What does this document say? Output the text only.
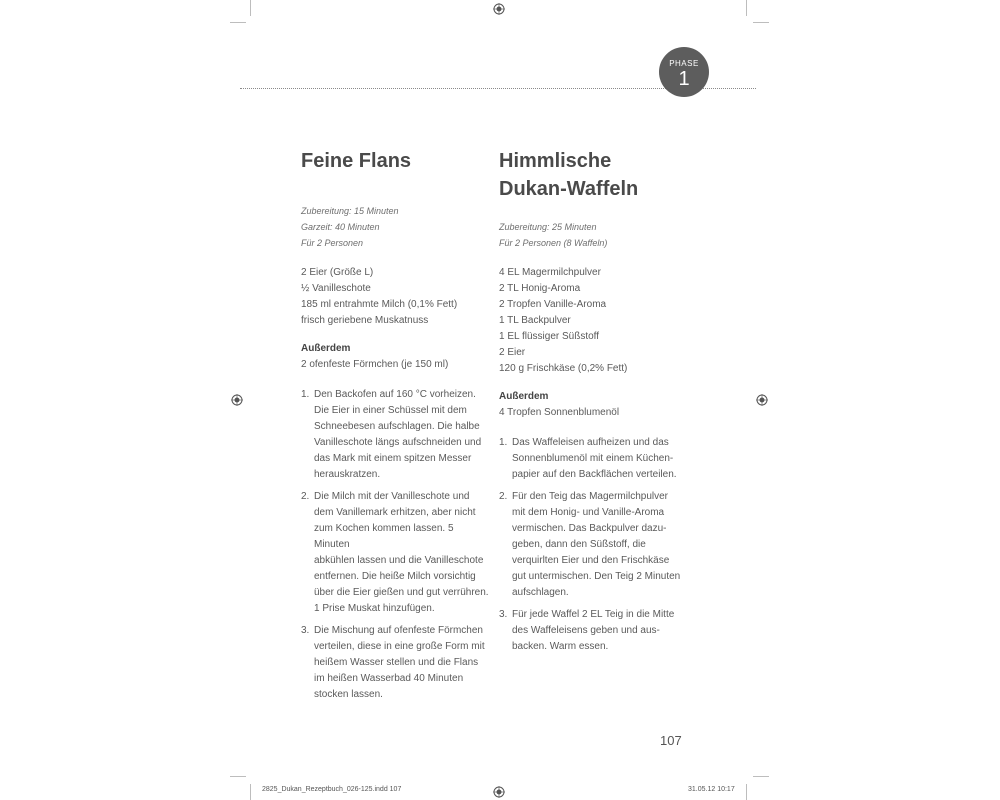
PHASE
1
Feine Flans
Zubereitung: 15 Minuten
Garzeit: 40 Minuten
Für 2 Personen
2 Eier (Größe L)
½ Vanilleschote
185 ml entrahmte Milch (0,1% Fett)
frisch geriebene Muskatnuss
Außerdem
2 ofenfeste Förmchen (je 150 ml)
1. Den Backofen auf 160 °C vorheizen.
Die Eier in einer Schüssel mit dem
Schneebesen aufschlagen. Die halbe
Vanilleschote längs aufschneiden und
das Mark mit einem spitzen Messer
herauskratzen.
2. Die Milch mit der Vanilleschote und
dem Vanillemark erhitzen, aber nicht
zum Kochen kommen lassen. 5 Minuten
abkühlen lassen und die Vanilleschote
entfernen. Die heiße Milch vorsichtig
über die Eier gießen und gut verrühren.
1 Prise Muskat hinzufügen.
3. Die Mischung auf ofenfeste Förmchen
verteilen, diese in eine große Form mit
heißem Wasser stellen und die Flans
im heißen Wasserbad 40 Minuten
stocken lassen.
Himmlische
Dukan-Waffeln
Zubereitung: 25 Minuten
Für 2 Personen (8 Waffeln)
4 EL Magermilchpulver
2 TL Honig-Aroma
2 Tropfen Vanille-Aroma
1 TL Backpulver
1 EL flüssiger Süßstoff
2 Eier
120 g Frischkäse (0,2% Fett)
Außerdem
4 Tropfen Sonnenblumenöl
1. Das Waffeleisen aufheizen und das
Sonnenblumenöl mit einem Küchen-
papier auf den Backflächen verteilen.
2. Für den Teig das Magermilchpulver
mit dem Honig- und Vanille-Aroma
vermischen. Das Backpulver dazu-
geben, dann den Süßstoff, die
verquirlten Eier und den Frischkäse
gut untermischen. Den Teig 2 Minuten
aufschlagen.
3. Für jede Waffel 2 EL Teig in die Mitte
des Waffeleisens geben und aus-
backen. Warm essen.
107
2825_Dukan_Rezeptbuch_026-125.indd 107	31.05.12 10:17
